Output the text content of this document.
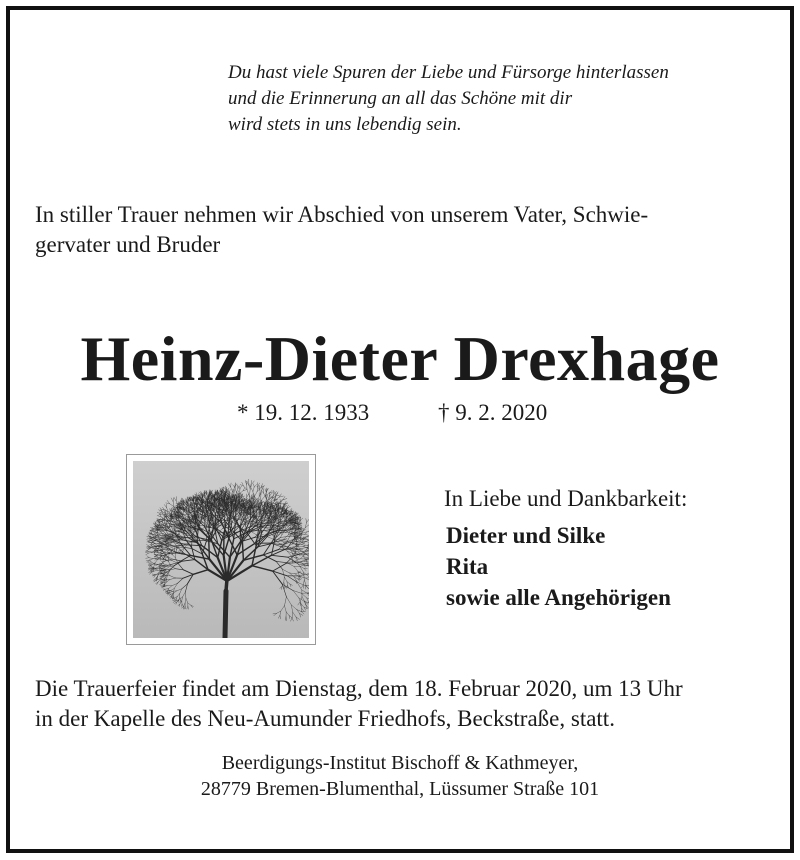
Du hast viele Spuren der Liebe und Fürsorge hinterlassen
und die Erinnerung an all das Schöne mit dir
wird stets in uns lebendig sein.
In stiller Trauer nehmen wir Abschied von unserem Vater, Schwie-
gervater und Bruder
Heinz-Dieter Drexhage
* 19. 12. 1933	† 9. 2. 2020
In Liebe und Dankbarkeit:
Dieter und Silke
Rita
sowie alle Angehörigen
Die Trauerfeier findet am Dienstag, dem 18. Februar 2020, um 13 Uhr
in der Kapelle des Neu-Aumunder Friedhofs, Beckstraße, statt.
Beerdigungs-Institut Bischoff & Kathmeyer,
28779 Bremen-Blumenthal, Lüssumer Straße 101
